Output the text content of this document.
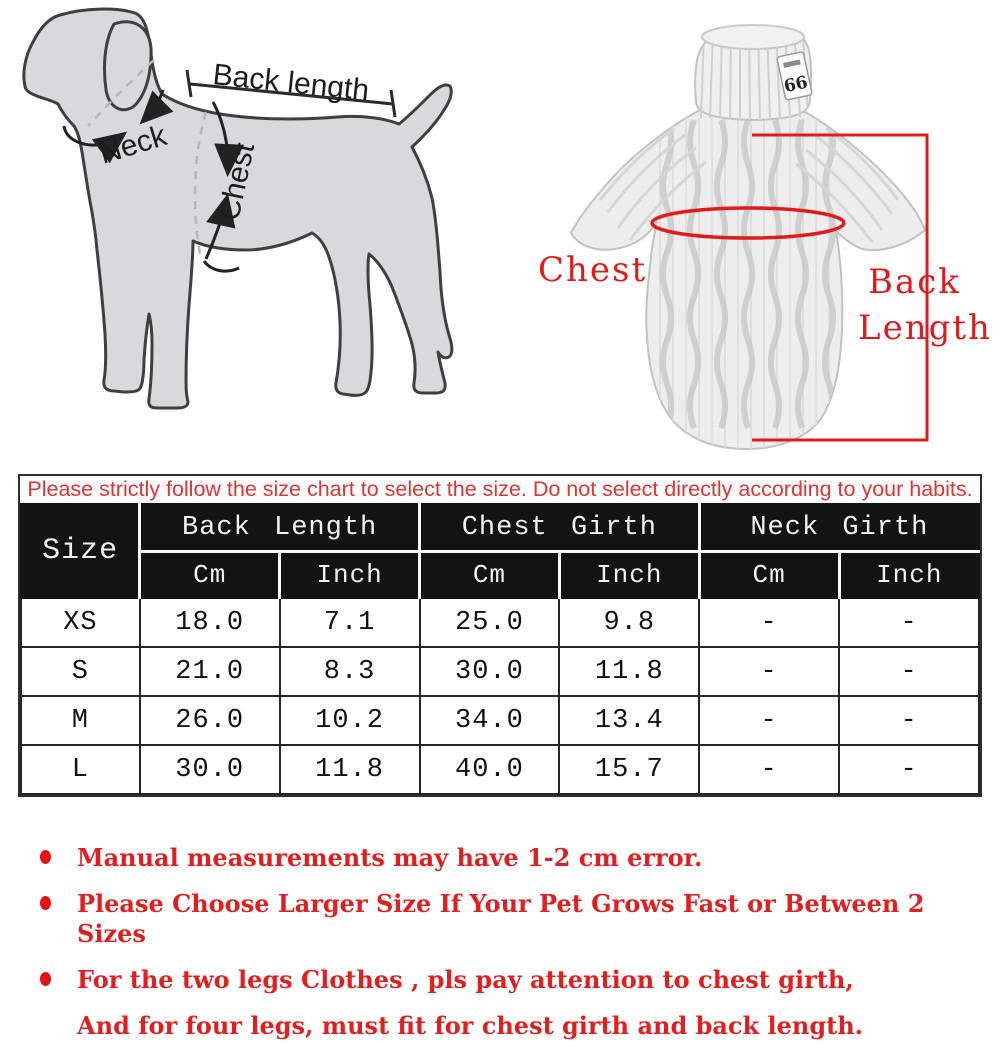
Back length
Neck Chest
66
Chest	Back
Length
Please strictly follow the size chart to select the size. Do not select directly according to your habits.
Size	Back Length		Chest Girth		Neck Girth	
	Cm	Inch	Cm	Inch	Cm	Inch
XS	18.0	7.1	25.0	9.8	-	-
S	21.0	8.3	30.0	11.8	-	-
M	26.0	10.2	34.0	13.4	-	-
L	30.0	11.8	40.0	15.7	-	-
Manual measurements may have 1-2 cm error.
Please Choose Larger Size If Your Pet Grows Fast or Between 2 Sizes
For the two legs Clothes , pls pay attention to chest girth,
And for four legs, must fit for chest girth and back length.
